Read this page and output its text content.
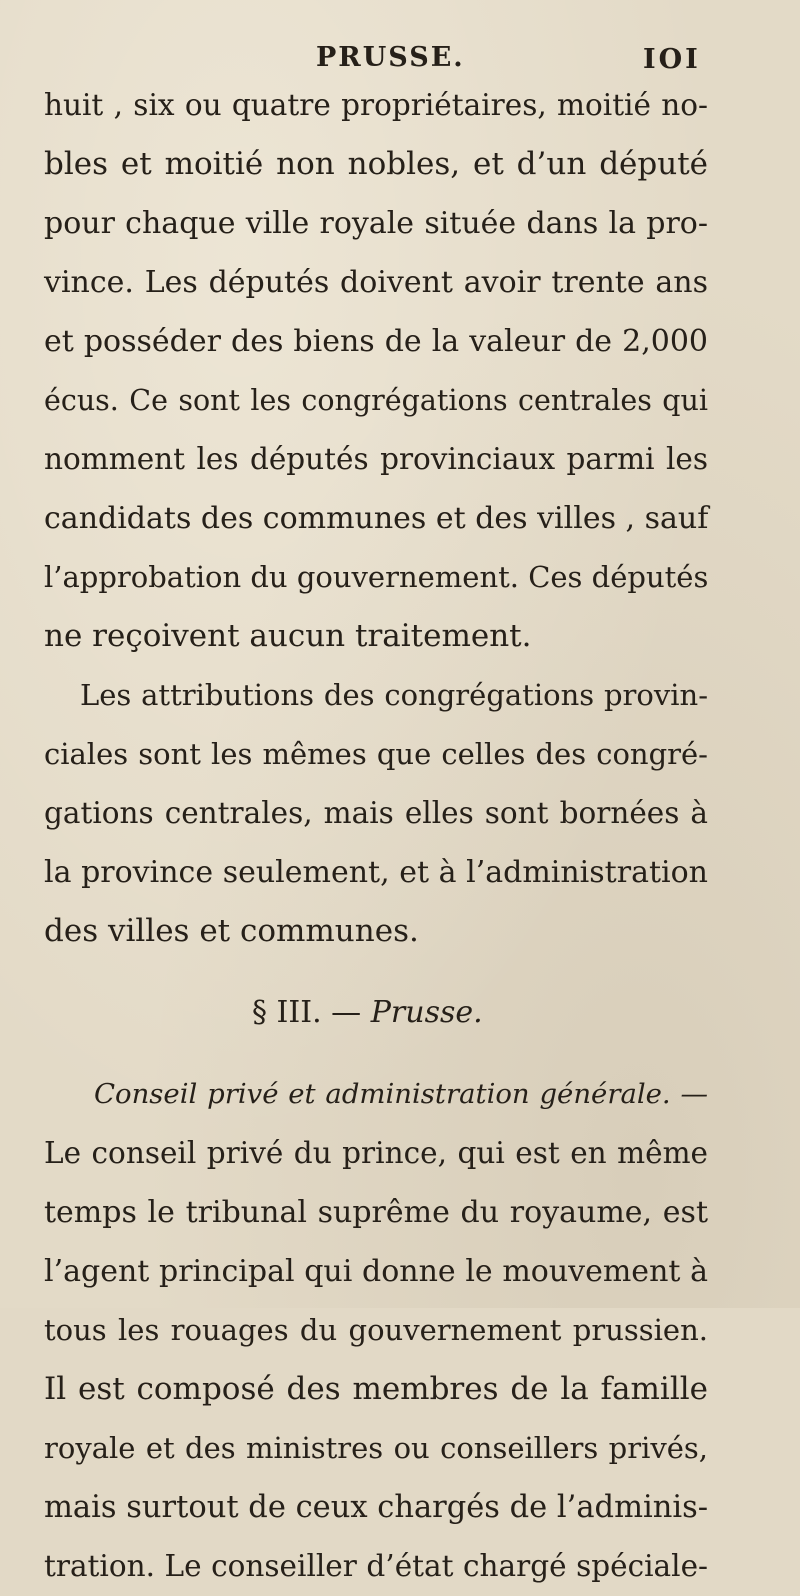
PRUSSE.	IOI
huit , six ou quatre propriétaires, moitié no-
bles et moitié non nobles, et d’un député
pour chaque ville royale située dans la pro-
vince. Les députés doivent avoir trente ans
et posséder des biens de la valeur de 2,000
écus. Ce sont les congrégations centrales qui
nomment les députés provinciaux parmi les
candidats des communes et des villes , sauf
l’approbation du gouvernement. Ces députés
ne reçoivent aucun traitement.
Les attributions des congrégations provin-
ciales sont les mêmes que celles des congré-
gations centrales, mais elles sont bornées à
la province seulement, et à l’administration
des villes et communes.
§ III. — Prusse.
Conseil privé et administration générale. —
Le conseil privé du prince, qui est en même
temps le tribunal suprême du royaume, est
l’agent principal qui donne le mouvement à
tous les rouages du gouvernement prussien.
Il est composé des membres de la famille
royale et des ministres ou conseillers privés,
mais surtout de ceux chargés de l’adminis-
tration. Le conseiller d’état chargé spéciale-
